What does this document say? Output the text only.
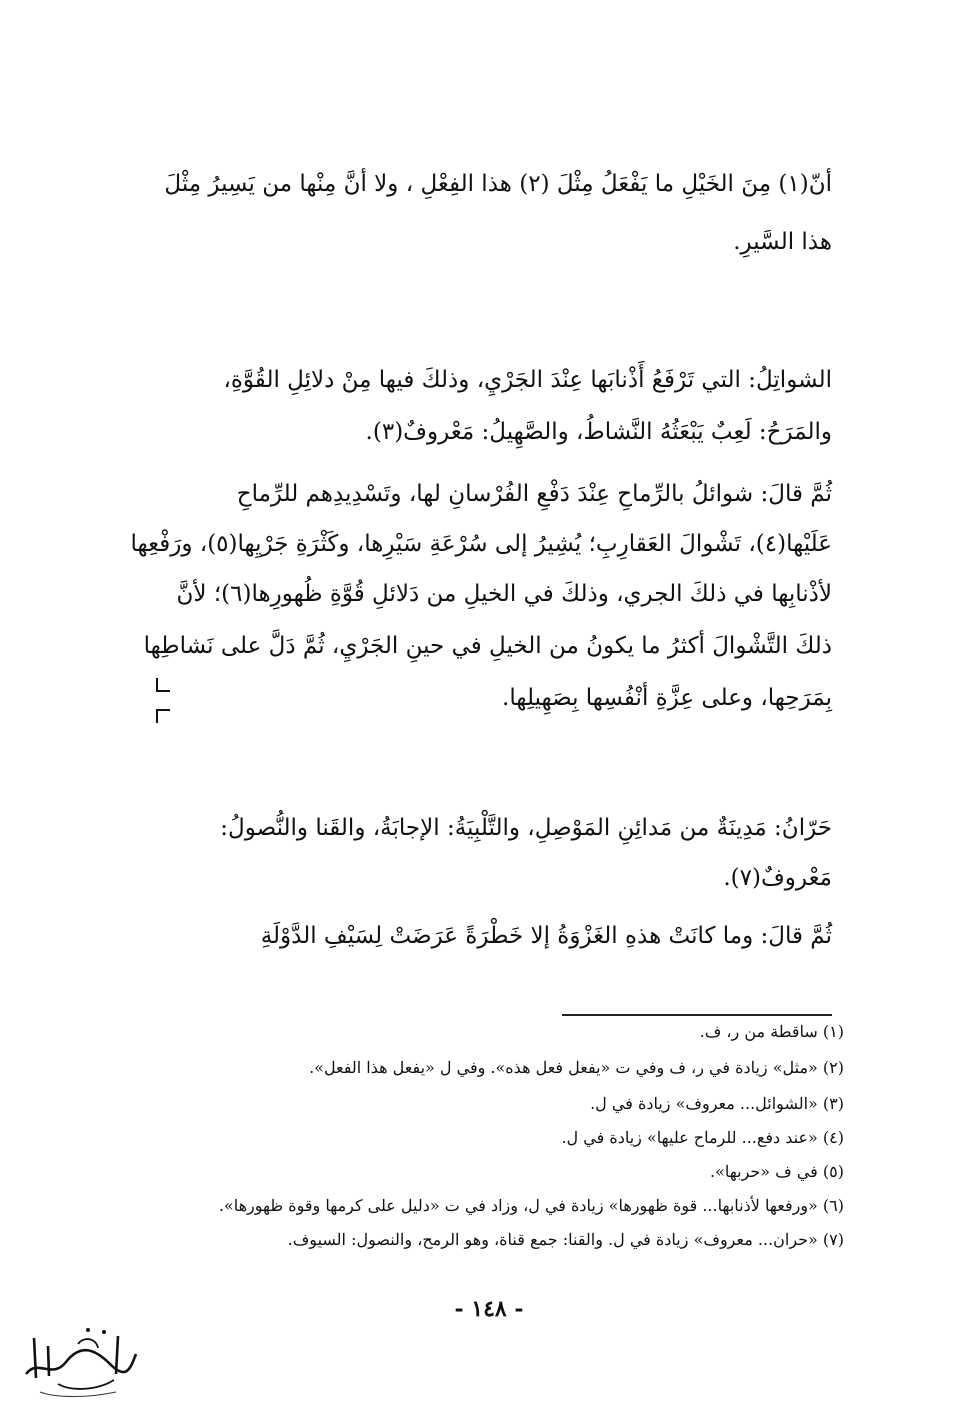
أنّ(١) مِنَ الخَيْلِ ما يَفْعَلُ مِثْلَ (٢) هذا الفِعْلِ ، ولا أنَّ مِنْها من يَسِيرُ مِثْلَ
هذا السَّيرِ.
الشواتِلُ: التي تَرْفَعُ أَذْنابَها عِنْدَ الجَرْيِ، وذلكَ فيها مِنْ دلائِلِ القُوَّةِ،
والمَرَحُ: لَعِبٌ يَبْعَثُهُ النَّشاطُ، والصَّهِيلُ: مَعْروفٌ(٣).
ثُمَّ قالَ: شوائلُ بالرِّماحِ عِنْدَ دَفْعِ الفُرْسانِ لها، وتَسْدِيدِهم للرِّماحِ
عَلَيْها(٤)، تَشْوالَ العَقارِبِ؛ يُشِيرُ إلى سُرْعَةِ سَيْرِها، وكَثْرَةِ جَرْيِها(٥)، ورَفْعِها
لأذْنابِها في ذلكَ الجري، وذلكَ في الخيلِ من دَلائلِ قُوَّةِ ظُهورِها(٦)؛ لأنَّ
ذلكَ التَّشْوالَ أكثرُ ما يكونُ من الخيلِ في حينِ الجَرْيِ، ثُمَّ دَلَّ على نَشاطِها
بِمَرَحِها، وعلى عِزَّةِ أنْفُسِها بِصَهِيلِها.
حَرّانُ: مَدِينَةٌ من مَدائِنِ المَوْصِلِ، والتَّلْبِيَةُ: الإجابَةُ، والقَنا والنُّصولُ:
مَعْروفٌ(٧).
ثُمَّ قالَ: وما كانَتْ هذهِ الغَزْوَةُ إلا خَطْرَةً عَرَضَتْ لِسَيْفِ الدَّوْلَةِ
(١) ساقطة من ر، ف.
(٢) «مثل» زيادة في ر، ف وفي ت «يفعل فعل هذه». وفي ل «يفعل هذا الفعل».
(٣) «الشوائل... معروف» زيادة في ل.
(٤) «عند دفع... للرماح عليها» زيادة في ل.
(٥) في ف «حربها».
(٦) «ورفعها لأذنابها... قوة ظهورها» زيادة في ل، وزاد في ت «دليل على كرمها وقوة ظهورها».
(٧) «حران... معروف» زيادة في ل. والقنا: جمع قناة، وهو الرمح، والنصول: السيوف.
- ١٤٨ -
